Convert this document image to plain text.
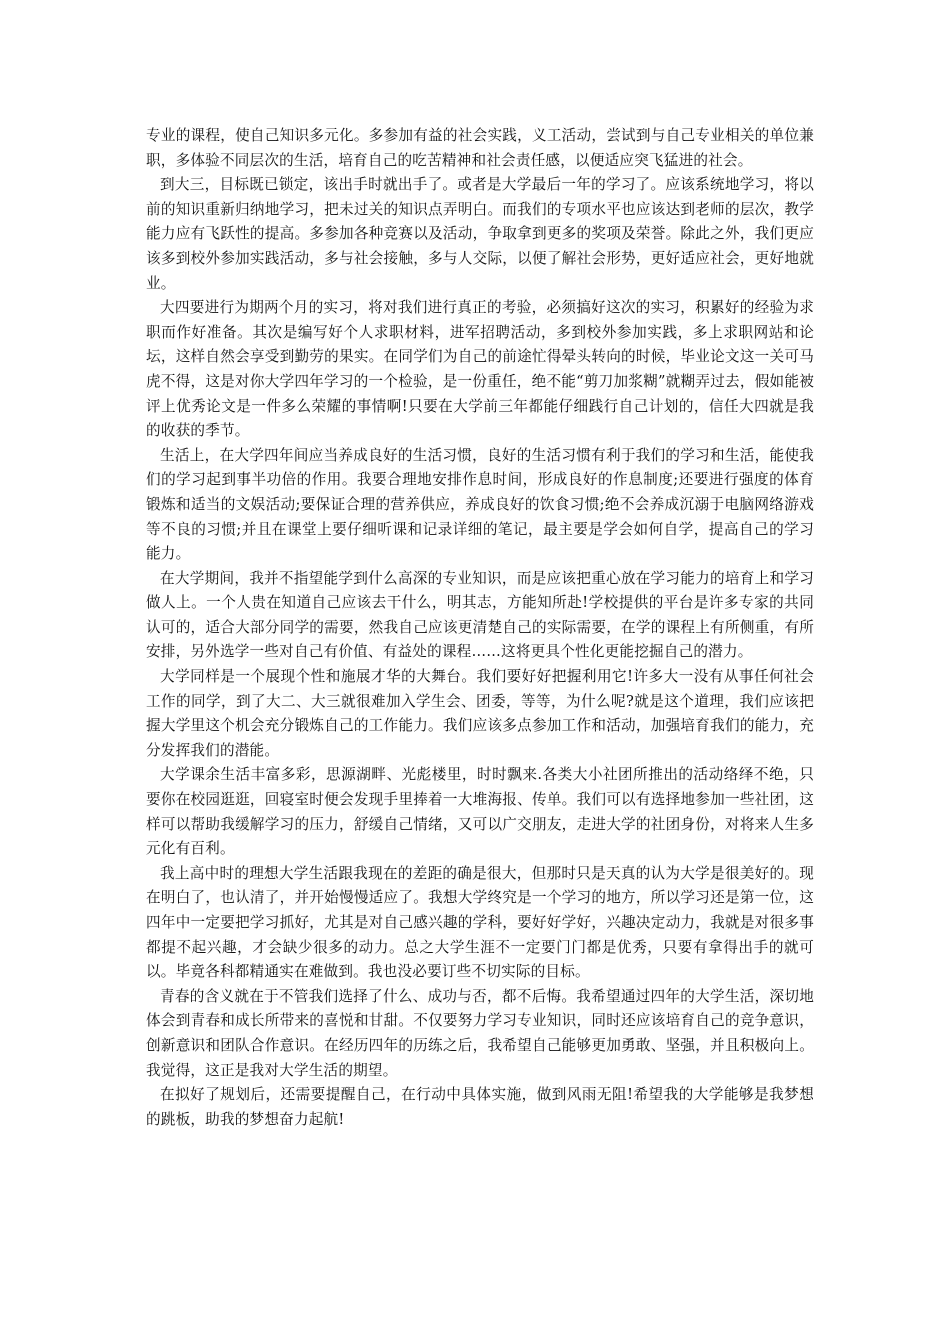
专业的课程，使自己知识多元化。多参加有益的社会实践，义工活动，尝试到与自己专业相关的单位兼职，多体验不同层次的生活，培育自己的吃苦精神和社会责任感，以便适应突飞猛进的社会。

到大三，目标既已锁定，该出手时就出手了。或者是大学最后一年的学习了。应该系统地学习，将以前的知识重新归纳地学习，把未过关的知识点弄明白。而我们的专项水平也应该达到老师的层次，教学能力应有飞跃性的提高。多参加各种竞赛以及活动，争取拿到更多的奖项及荣誉。除此之外，我们更应该多到校外参加实践活动，多与社会接触，多与人交际，以便了解社会形势，更好适应社会，更好地就业。

大四要进行为期两个月的实习，将对我们进行真正的考验，必须搞好这次的实习，积累好的经验为求职而作好准备。其次是编写好个人求职材料，进军招聘活动，多到校外参加实践，多上求职网站和论坛，这样自然会享受到勤劳的果实。在同学们为自己的前途忙得晕头转向的时候，毕业论文这一关可马虎不得，这是对你大学四年学习的一个检验，是一份重任，绝不能“剪刀加浆糊”就糊弄过去，假如能被评上优秀论文是一件多么荣耀的事情啊!只要在大学前三年都能仔细践行自己计划的，信任大四就是我的收获的季节。

生活上，在大学四年间应当养成良好的生活习惯，良好的生活习惯有利于我们的学习和生活，能使我们的学习起到事半功倍的作用。我要合理地安排作息时间，形成良好的作息制度;还要进行强度的体育锻炼和适当的文娱活动;要保证合理的营养供应，养成良好的饮食习惯;绝不会养成沉溺于电脑网络游戏等不良的习惯;并且在课堂上要仔细听课和记录详细的笔记，最主要是学会如何自学，提高自己的学习能力。

在大学期间，我并不指望能学到什么高深的专业知识，而是应该把重心放在学习能力的培育上和学习做人上。一个人贵在知道自己应该去干什么，明其志，方能知所赴!学校提供的平台是许多专家的共同认可的，适合大部分同学的需要，然我自己应该更清楚自己的实际需要，在学的课程上有所侧重，有所安排，另外选学一些对自己有价值、有益处的课程……这将更具个性化更能挖掘自己的潜力。

大学同样是一个展现个性和施展才华的大舞台。我们要好好把握利用它!许多大一没有从事任何社会工作的同学，到了大二、大三就很难加入学生会、团委，等等，为什么呢?就是这个道理，我们应该把握大学里这个机会充分锻炼自己的工作能力。我们应该多点参加工作和活动，加强培育我们的能力，充分发挥我们的潜能。

大学课余生活丰富多彩，思源湖畔、光彪楼里，时时飘来.各类大小社团所推出的活动络绎不绝，只要你在校园逛逛，回寝室时便会发现手里捧着一大堆海报、传单。我们可以有选择地参加一些社团，这样可以帮助我缓解学习的压力，舒缓自己情绪，又可以广交朋友，走进大学的社团身份，对将来人生多元化有百利。

我上高中时的理想大学生活跟我现在的差距的确是很大，但那时只是天真的认为大学是很美好的。现在明白了，也认清了，并开始慢慢适应了。我想大学终究是一个学习的地方，所以学习还是第一位，这四年中一定要把学习抓好，尤其是对自己感兴趣的学科，要好好学好，兴趣决定动力，我就是对很多事都提不起兴趣，才会缺少很多的动力。总之大学生涯不一定要门门都是优秀，只要有拿得出手的就可以。毕竟各科都精通实在难做到。我也没必要订些不切实际的目标。

青春的含义就在于不管我们选择了什么、成功与否，都不后悔。我希望通过四年的大学生活，深切地体会到青春和成长所带来的喜悦和甘甜。不仅要努力学习专业知识，同时还应该培育自己的竞争意识，创新意识和团队合作意识。在经历四年的历练之后，我希望自己能够更加勇敢、坚强，并且积极向上。我觉得，这正是我对大学生活的期望。

在拟好了规划后，还需要提醒自己，在行动中具体实施，做到风雨无阻!希望我的大学能够是我梦想的跳板，助我的梦想奋力起航!
